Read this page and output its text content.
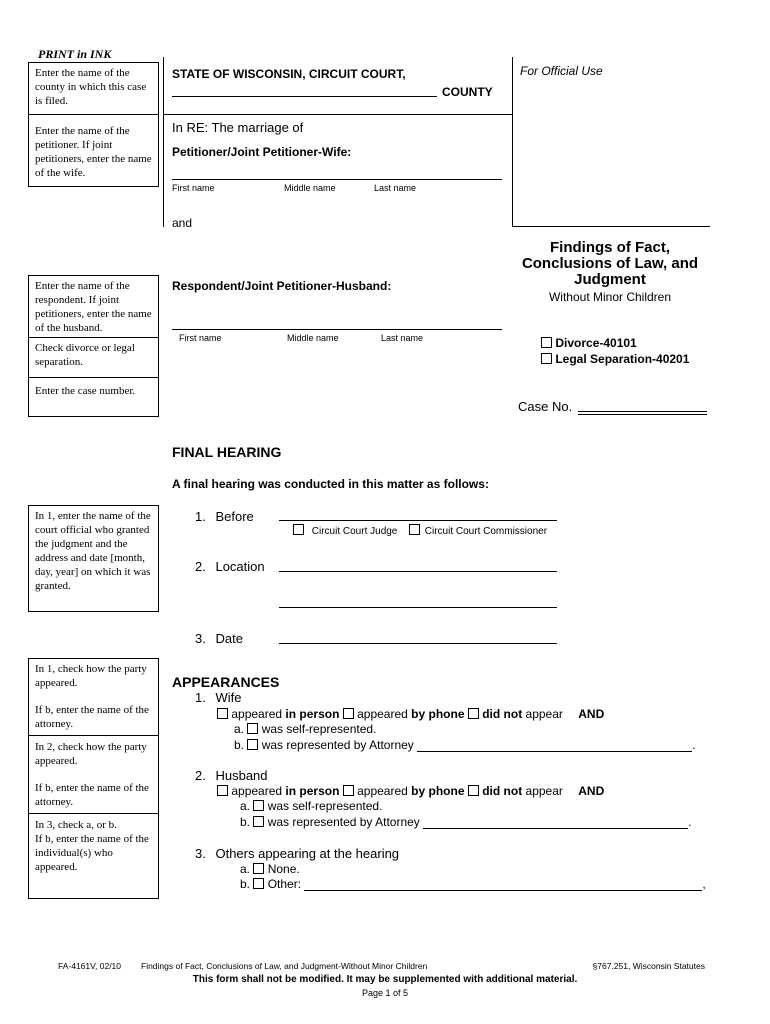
PRINT in INK

Enter the name of the county in which this case is filed.

Enter the name of the petitioner. If joint petitioners, enter the name of the wife.

Enter the name of the respondent. If joint petitioners, enter the name of the husband.

Check divorce or legal separation.

Enter the case number.

In 1, enter the name of the court official who granted the judgment and the address and date [month, day, year] on which it was granted.

In 1, check how the party appeared.

If b, enter the name of the attorney.

In 2, check how the party appeared.

If b, enter the name of the attorney.

In 3, check a, or b.

If b, enter the name of the individual(s) who appeared.

STATE OF WISCONSIN, CIRCUIT COURT,
COUNTY
For Official Use
In RE: The marriage of
Petitioner/Joint Petitioner-Wife:
First name	Middle name	Last name
and
Respondent/Joint Petitioner-Husband:
First name	Middle name	Last name
Findings of Fact,
Conclusions of Law, and
Judgment
Without Minor Children
Divorce-40101
Legal Separation-40201
Case No.
FINAL HEARING
A final hearing was conducted in this matter as follows:
1. Before
Circuit Court Judge	Circuit Court Commissioner
2. Location
3. Date
APPEARANCES
1. Wife
appeared in person appeared by phone did not appear AND
a. was self-represented.
b. was represented by Attorney	.
2. Husband
appeared in person appeared by phone did not appear AND
a. was self-represented.
b. was represented by Attorney	.
3. Others appearing at the hearing
a. None.
b. Other:	,
FA-4161V, 02/10 Findings of Fact, Conclusions of Law, and Judgment-Without Minor Children	§767.251, Wisconsin Statutes
This form shall not be modified. It may be supplemented with additional material.
Page 1 of 5
